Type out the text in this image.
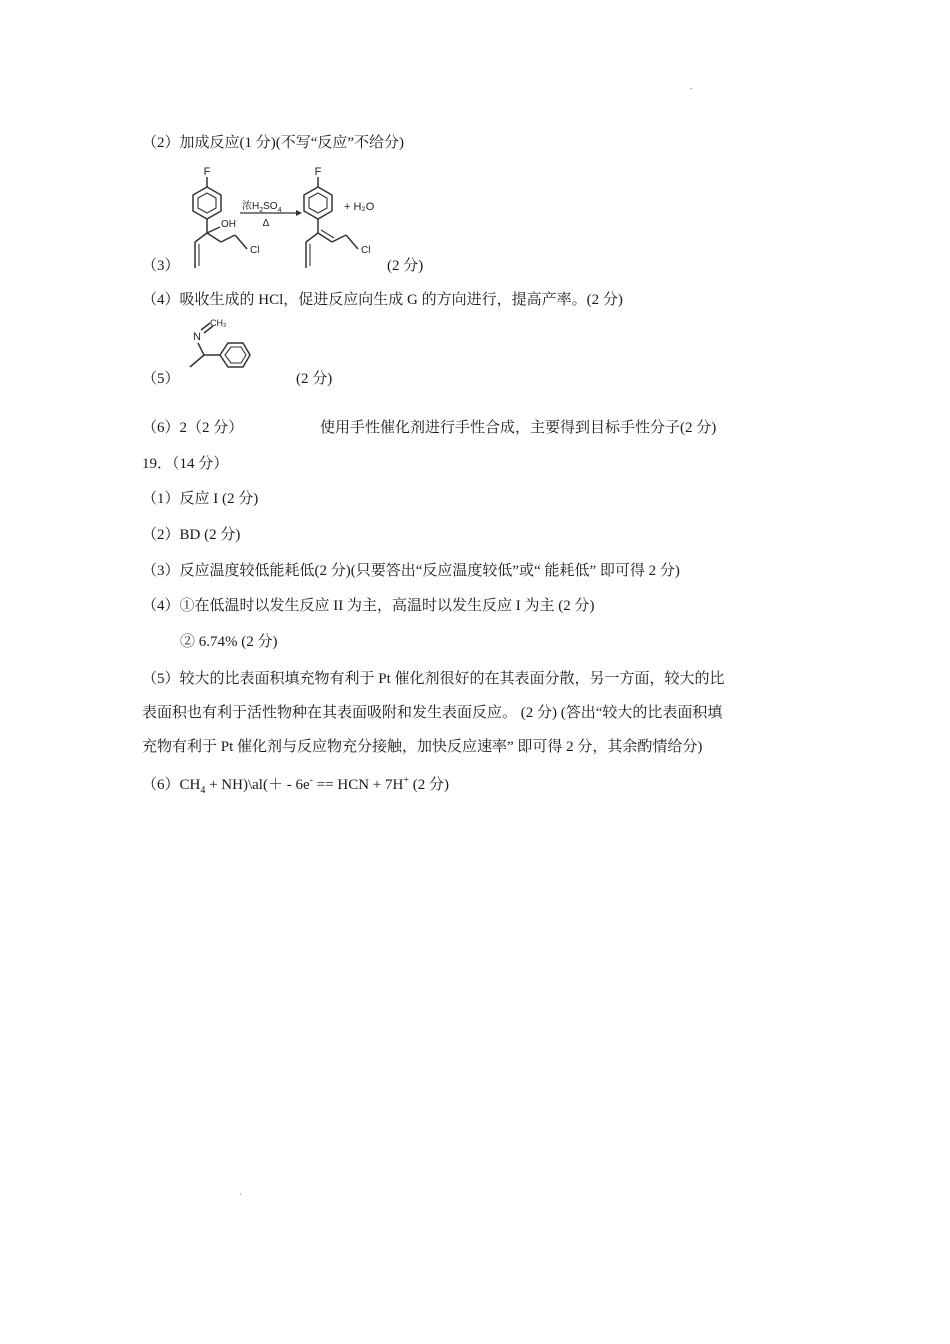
-
（2）加成反应(1 分)(不写“反应”不给分)
F
OH
Cl
浓$H_2SO_4$
Δ
F
Cl
+ H₂O
（3）	(2 分)
（4）吸收生成的 HCl，促进反应向生成 G 的方向进行，提高产率。(2 分)
N
CH₂
（5）	(2 分)
（6）2（2 分）	使用手性催化剂进行手性合成，主要得到目标手性分子(2 分)
19．（14 分）
（1）反应 I (2 分)
（2）BD (2 分)
（3）反应温度较低能耗低(2 分)(只要答出“反应温度较低”或“ 能耗低” 即可得 2 分)
（4）①在低温时以发生反应 II 为主，高温时以发生反应 I 为主 (2 分)
② 6.74% (2 分)
（5）较大的比表面积填充物有利于 Pt 催化剂很好的在其表面分散，另一方面，较大的比
表面积也有利于活性物种在其表面吸附和发生表面反应。 (2 分) (答出“较大的比表面积填
充物有利于 Pt 催化剂与反应物充分接触，加快反应速率” 即可得 2 分，其余酌情给分)
$(6)CH_4$ + NH)\al(＋ - 6e- == HCN + 7H+ (2 分)
'
